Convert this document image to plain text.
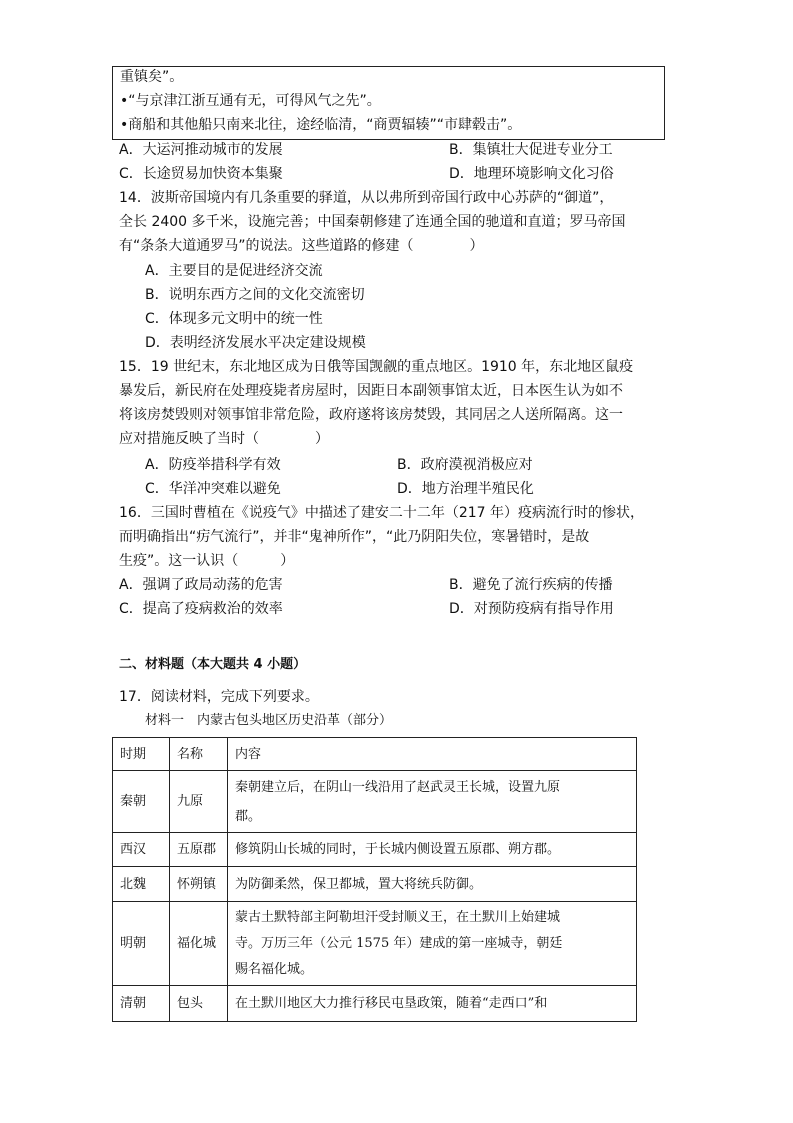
重镇矣”。
•“与京津江浙互通有无，可得风气之先”。
•商船和其他船只南来北往，途经临清，“商贾辐辏”“市肆毂击”。
A．大运河推动城市的发展	B．集镇壮大促进专业分工
C．长途贸易加快资本集聚	D．地理环境影响文化习俗
14．波斯帝国境内有几条重要的驿道，从以弗所到帝国行政中心苏萨的“御道”，
全长 2400 多千米，设施完善；中国秦朝修建了连通全国的驰道和直道；罗马帝国
有“条条大道通罗马”的说法。这些道路的修建（　　　　）
A．主要目的是促进经济交流
B．说明东西方之间的文化交流密切
C．体现多元文明中的统一性
D．表明经济发展水平决定建设规模
15．19 世纪末，东北地区成为日俄等国觊觎的重点地区。1910 年，东北地区鼠疫
暴发后，新民府在处理疫毙者房屋时，因距日本副领事馆太近，日本医生认为如不
将该房焚毁则对领事馆非常危险，政府遂将该房焚毁，其同居之人送所隔离。这一
应对措施反映了当时（　　　　）
A．防疫举措科学有效	B．政府漠视消极应对
C．华洋冲突难以避免	D．地方治理半殖民化
16．三国时曹植在《说疫气》中描述了建安二十二年（217 年）疫病流行时的惨状，
而明确指出“疠气流行”，并非“鬼神所作”，“此乃阴阳失位，寒暑错时，是故
生疫”。这一认识（　　　）
A．强调了政局动荡的危害	B．避免了流行疾病的传播
C．提高了疫病救治的效率	D．对预防疫病有指导作用
二、材料题（本大题共 4 小题）
17．阅读材料，完成下列要求。
材料一　内蒙古包头地区历史沿革（部分）
时期	名称	内容
秦朝	九原	秦朝建立后，在阴山一线沿用了赵武灵王长城，设置九原
郡。

西汉	五原郡	修筑阴山长城的同时，于长城内侧设置五原郡、朔方郡。
北魏	怀朔镇	为防御柔然，保卫都城，置大将统兵防御。
明朝	福化城	蒙古土默特部主阿勒坦汗受封顺义王，在土默川上始建城
寺。万历三年（公元 1575 年）建成的第一座城寺，朝廷
赐名福化城。

清朝	包头	在土默川地区大力推行移民屯垦政策，随着“走西口”和
